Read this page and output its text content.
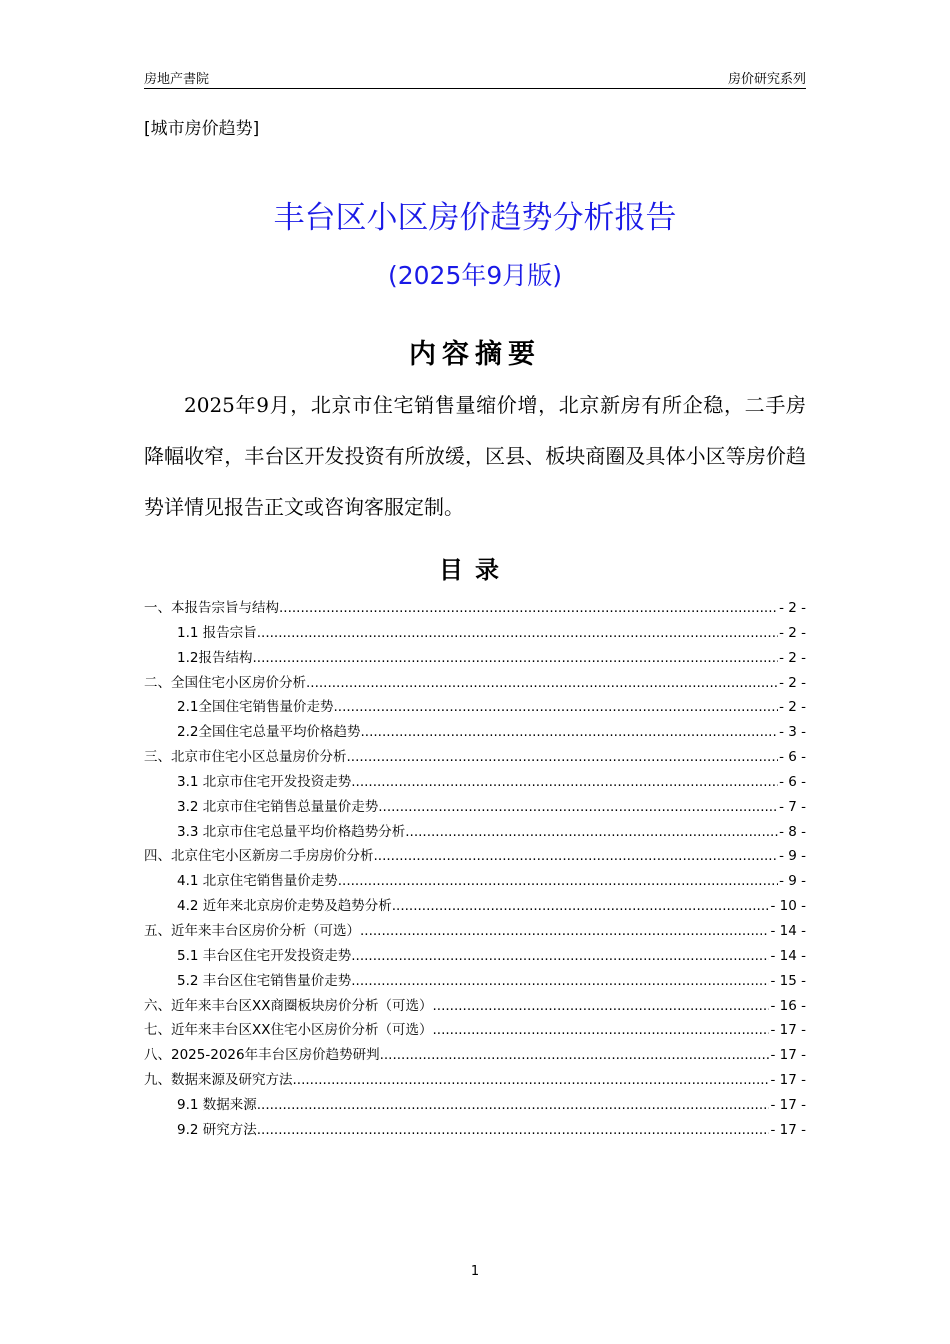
房地产書院	房价研究系列
[城市房价趋势]
丰台区小区房价趋势分析报告
(2025年9月版)
内容摘要
2025年9月，北京市住宅销售量缩价增，北京新房有所企稳，二手房降幅收窄，丰台区开发投资有所放缓，区县、板块商圈及具体小区等房价趋势详情见报告正文或咨询客服定制。
目录
一、本报告宗旨与结构 .....	- 2 -
1.1 报告宗旨 .....	- 2 -
1.2报告结构 .....	- 2 -
二、全国住宅小区房价分析 .....	- 2 -
2.1全国住宅销售量价走势 .....	- 2 -
2.2全国住宅总量平均价格趋势 .....	- 3 -
三、北京市住宅小区总量房价分析 .....	- 6 -
3.1 北京市住宅开发投资走势 .....	- 6 -
3.2 北京市住宅销售总量量价走势 .....	- 7 -
3.3 北京市住宅总量平均价格趋势分析 .....	- 8 -
四、北京住宅小区新房二手房房价分析 .....	- 9 -
4.1 北京住宅销售量价走势 .....	- 9 -
4.2 近年来北京房价走势及趋势分析 .....	- 10 -
五、近年来丰台区房价分析（可选） .....	- 14 -
5.1 丰台区住宅开发投资走势 .....	- 14 -
5.2 丰台区住宅销售量价走势 .....	- 15 -
六、近年来丰台区XX商圈板块房价分析（可选） .....	- 16 -
七、近年来丰台区XX住宅小区房价分析（可选） .....	- 17 -
八、2025-2026年丰台区房价趋势研判 .....	- 17 -
九、数据来源及研究方法 .....	- 17 -
9.1 数据来源 .....	- 17 -
9.2 研究方法 .....	- 17 -
1
